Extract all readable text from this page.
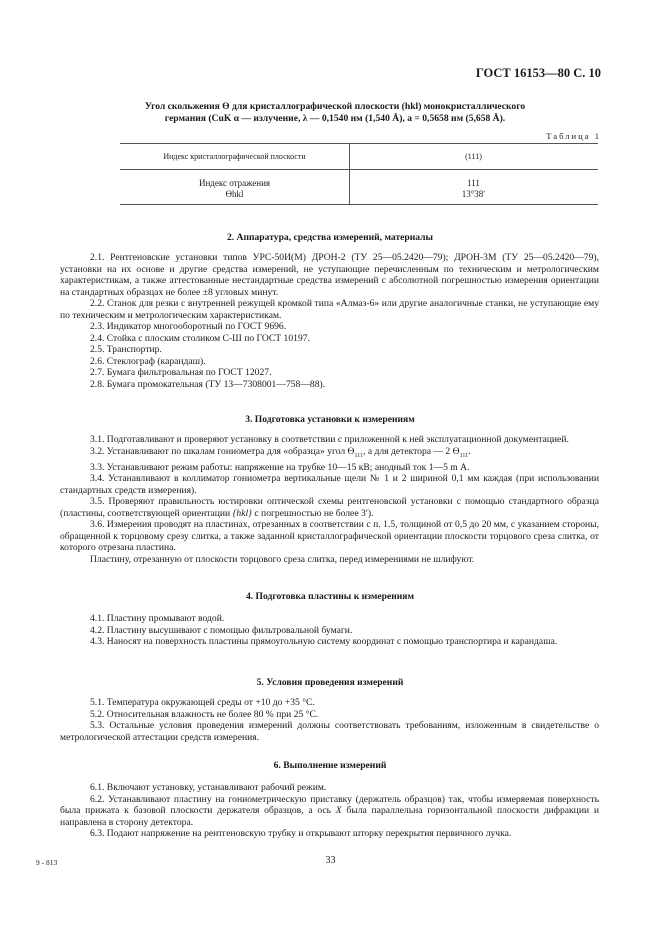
ГОСТ 16153—80 С. 10
Угол скольжения ϴ для кристаллографической плоскости (hkl) монокристаллического
германия (CuK α — излучение, λ — 0,1540 нм (1,540 Å), a = 0,5658 нм (5,658 Å).
Таблица 1
Индекс кристаллографической плоскости	(111)
Индекс отражения
ϴhkl
111
13°38′
2. Аппаратура, средства измерений, материалы
2.1. Рентгеновские установки типов УРС-50И(М) ДРОН-2 (ТУ 25—05.2420—79); ДРОН-3М (ТУ 25—05.2420—79), установки на их основе и другие средства измерений, не уступающие перечисленным по техническим и метрологическим характеристикам, а также аттестованные нестандартные средства измерений с абсолютной погрешностью измерения ориентации на стандартных образцах не более ±8 угловых минут.
2.2. Станок для резки с внутренней режущей кромкой типа «Алмаз-6» или другие аналогичные станки, не уступающие ему по техническим и метрологическим характеристикам.
2.3. Индикатор многооборотный по ГОСТ 9696.
2.4. Стойка с плоским столиком С-Ш по ГОСТ 10197.
2.5. Транспортир.
2.6. Стеклограф (карандаш).
2.7. Бумага фильтровальная по ГОСТ 12027.
2.8. Бумага промокательная (ТУ 13—7308001—758—88).
3. Подготовка установки к измерениям
3.1. Подготавливают и проверяют установку в соответствии с приложенной к ней эксплуатационной документацией.
3.2. Устанавливают по шкалам гониометра для «образца» угол $ϴ_{111}$, а для детектора — 2 $ϴ_{111}$.
3.3. Устанавливают режим работы: напряжение на трубке 10—15 кВ; анодный ток 1—5 m А.
3.4. Устанавливают в коллиматор гониометра вертикальные щели № 1 и 2 шириной 0,1 мм каждая (при использовании стандартных средств измерения).
3.5. Проверяют правильность юстировки оптической схемы рентгеновской установки с помощью стандартного образца (пластины, соответствующей ориентации {hkl} с погрешностью не более 3′).
3.6. Измерения проводят на пластинах, отрезанных в соответствии с п. 1.5, толщиной от 0,5 до 20 мм, с указанием стороны, обращенной к торцовому срезу слитка, а также заданной кристаллографической ориентации плоскости торцового среза слитка, от которого отрезана пластина.
Пластину, отрезанную от плоскости торцового среза слитка, перед измерениями не шлифуют.
4. Подготовка пластины к измерениям
4.1. Пластину промывают водой.
4.2. Пластину высушивают с помощью фильтровальной бумаги.
4.3. Наносят на поверхность пластины прямоугольную систему координат с помощью транспортира и карандаша.
5. Условия проведения измерений
5.1. Температура окружающей среды от +10 до +35 °С.
5.2. Относительная влажность не более 80 % при 25 °С.
5.3. Остальные условия проведения измерений должны соответствовать требованиям, изложенным в свидетельстве о метрологической аттестации средств измерения.
6. Выполнение измерений
6.1. Включают установку, устанавливают рабочий режим.
6.2. Устанавливают пластину на гониометрическую приставку (держатель образцов) так, чтобы измеряемая поверхность была прижата к базовой плоскости держателя образцов, а ось X была параллельна горизонтальной плоскости дифракции и направлена в сторону детектора.
6.3. Подают напряжение на рентгеновскую трубку и открывают шторку перекрытия первичного лучка.
9 - 813	33
